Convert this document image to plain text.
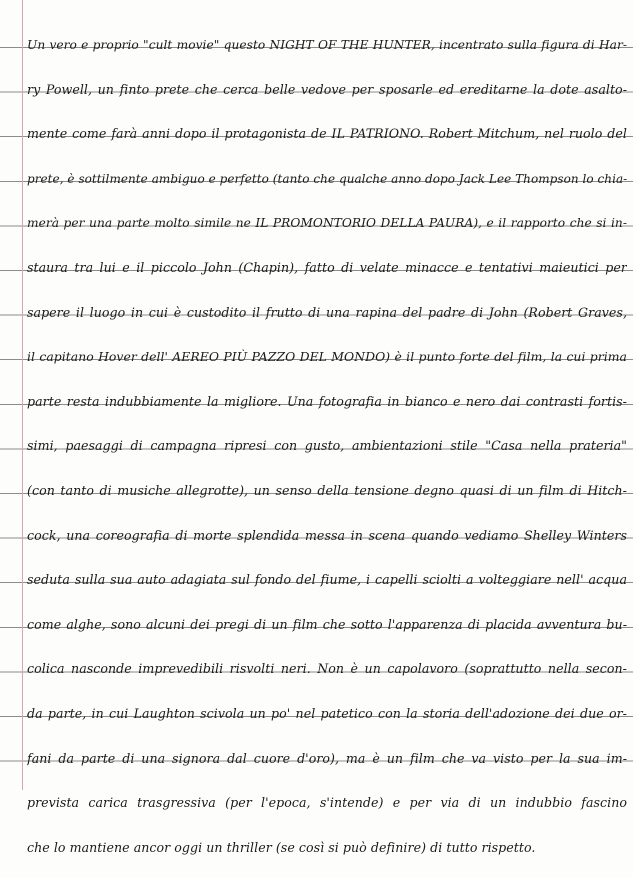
Un vero e proprio "cult movie" questo NIGHT OF THE HUNTER, incentrato sulla figura di Har-
ry Powell, un finto prete che cerca belle vedove per sposarle ed ereditarne la dote asalto-
mente come farà anni dopo il protagonista de IL PATRIONO. Robert Mitchum, nel ruolo del
prete, è sottilmente ambiguo e perfetto (tanto che qualche anno dopo Jack Lee Thompson lo chia-
merà per una parte molto simile ne IL PROMONTORIO DELLA PAURA), e il rapporto che si in-
staura tra lui e il piccolo John (Chapin), fatto di velate minacce e tentativi maieutici per
sapere il luogo in cui è custodito il frutto di una rapina del padre di John (Robert Graves,
il capitano Hover dell' AEREO PIÙ PAZZO DEL MONDO) è il punto forte del film, la cui prima
parte resta indubbiamente la migliore. Una fotografia in bianco e nero dai contrasti fortis-
simi, paesaggi di campagna ripresi con gusto, ambientazioni stile "Casa nella prateria"
(con tanto di musiche allegrotte), un senso della tensione degno quasi di un film di Hitch-
cock, una coreografia di morte splendida messa in scena quando vediamo Shelley Winters
seduta sulla sua auto adagiata sul fondo del fiume, i capelli sciolti a volteggiare nell' acqua
come alghe, sono alcuni dei pregi di un film che sotto l'apparenza di placida avventura bu-
colica nasconde imprevedibili risvolti neri. Non è un capolavoro (soprattutto nella secon-
da parte, in cui Laughton scivola un po' nel patetico con la storia dell'adozione dei due or-
fani da parte di una signora dal cuore d'oro), ma è un film che va visto per la sua im-
prevista carica trasgressiva (per l'epoca, s'intende) e per via di un indubbio fascino
che lo mantiene ancor oggi un thriller (se così si può definire) di tutto rispetto.
